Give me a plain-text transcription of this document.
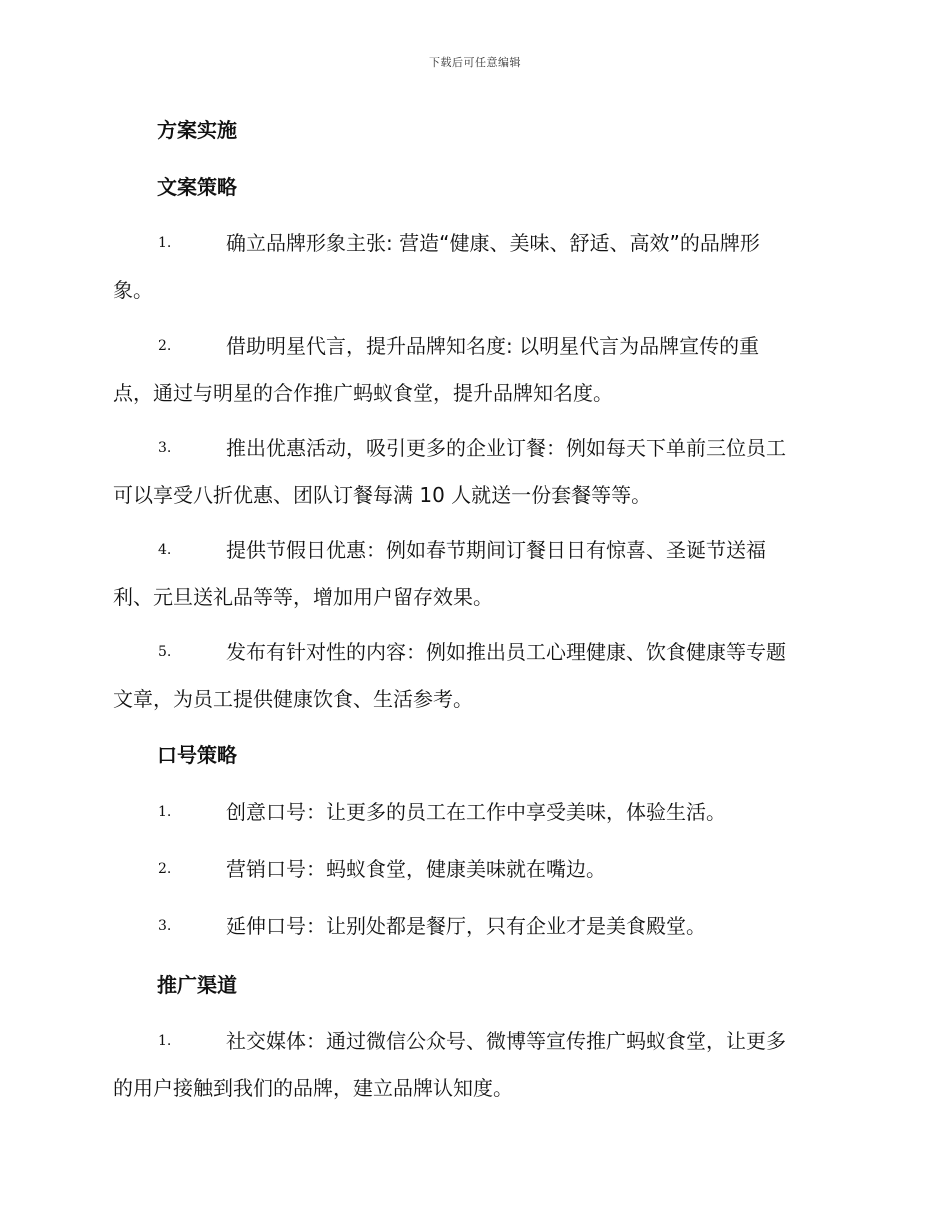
下载后可任意编辑
方案实施
文案策略
1.	确立品牌形象主张: 营造“健康、美味、舒适、高效”的品牌形
象。
2.	借助明星代言，提升品牌知名度: 以明星代言为品牌宣传的重
点，通过与明星的合作推广蚂蚁食堂，提升品牌知名度。
3.	推出优惠活动，吸引更多的企业订餐：例如每天下单前三位员工
可以享受八折优惠、团队订餐每满 10 人就送一份套餐等等。
4.	提供节假日优惠：例如春节期间订餐日日有惊喜、圣诞节送福
利、元旦送礼品等等，增加用户留存效果。
5.	发布有针对性的内容：例如推出员工心理健康、饮食健康等专题
文章，为员工提供健康饮食、生活参考。
口号策略
1.	创意口号：让更多的员工在工作中享受美味，体验生活。
2.	营销口号：蚂蚁食堂，健康美味就在嘴边。
3.	延伸口号：让别处都是餐厅，只有企业才是美食殿堂。
推广渠道
1.	社交媒体：通过微信公众号、微博等宣传推广蚂蚁食堂，让更多
的用户接触到我们的品牌，建立品牌认知度。
